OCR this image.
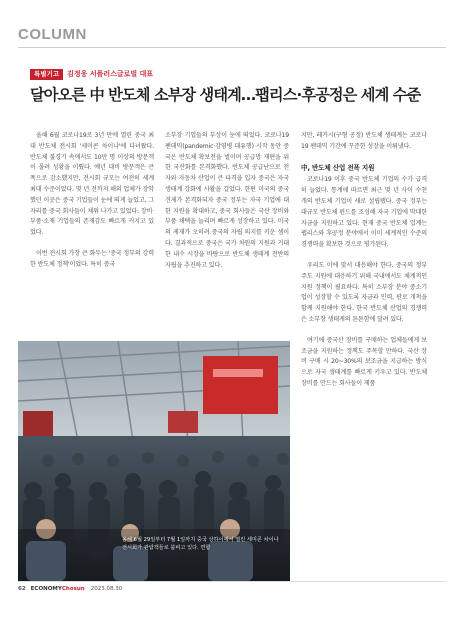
COLUMN
특별기고	김정웅 서플러스글로벌 대표
달아오른 中 반도체 소부장 생태계…팹리스·후공정은 세계 수준

올해 6월 코로나19로 3년 만에 열린 중국 최대 반도체 전시회 '세미콘 차이나'에 다녀왔다. 반도체 불경기 속에서도 10만 명 이상의 방문객이 몰려 성황을 이뤘다. 예년 대비 방문객은 큰 폭으로 감소했지만, 전시회 규모는 여전히 세계 최대 수준이었다. 몇 년 전까지 해외 업체가 장악했던 이곳은 중국 기업들이 눈에 띄게 늘었고, 그 자리를 중국 회사들이 채워 나가고 있었다. 장비·부품·소재 기업들의 존재감도 빠르게 커지고 있었다.

이번 전시회 가장 큰 화두는 '중국 정부의 강력한 반도체 정책'이었다. 특히 중국

소부장 기업들의 부상이 눈에 띄었다. 코로나19 팬데믹(pandemic·감염병 대유행) 시작 동안 중국은 반도체 확보전을 벌이며 공급망 재편을 위한 국산화를 본격화했다. 반도체 공급난으로 전자와 자동차 산업이 큰 타격을 입자 중국은 자국 생태계 강화에 사활을 걸었다. 한편 미국의 중국 견제가 본격화되자 중국 정부는 자국 기업에 대한 지원을 확대하고, 중국 회사들은 국산 장비와 부품 채택을 늘리며 빠르게 성장하고 있다. 미국의 제재가 오히려 중국의 자립 의지를 키운 셈이다. 결과적으로 중국은 국가 차원의 지원과 거대한 내수 시장을 바탕으로 반도체 생태계 전반의 자립을 추진하고 있다.

지만, 레거시(구형 공정) 반도체 생태계는 코로나19 팬데믹 기간에 꾸준한 성장을 이뤄냈다.

中, 반도체 산업 전폭 지원

코로나19 이후 중국 반도체 기업의 수가 급격히 늘었다. 통계에 따르면 최근 몇 년 사이 수천 개의 반도체 기업이 새로 설립됐다. 중국 정부는 대규모 반도체 펀드를 조성해 자국 기업에 막대한 자금을 지원하고 있다. 현재 중국 반도체 업계는 팹리스와 후공정 분야에서 이미 세계적인 수준의 경쟁력을 확보한 것으로 평가된다.

우리도 이에 맞서 대응해야 한다. 중국의 정부 주도 지원에 대응하기 위해 국내에서도 체계적인 지원 정책이 필요하다. 특히 소부장 분야 중소기업이 성장할 수 있도록 자금과 인력, 판로 개척을 함께 지원해야 한다. 한국 반도체 산업의 경쟁력은 소부장 생태계의 튼튼함에 달려 있다.

여기에 중국산 장비를 구매하는 업체들에게 보조금을 지원하는 정책도 주목할 만하다. 국산 장비 구매 시 20~30%의 보조금을 지급하는 방식으로 자국 생태계를 빠르게 키우고 있다. 반도체 장비를 만드는 회사들이 제품

올해 6월 29일부터 7월 1일까지 중국 상하이에서 열린 세미콘 차이나 전시회가 관람객들로 붐비고 있다. 연합
62 ECONOMYChosun 2023.08.30
